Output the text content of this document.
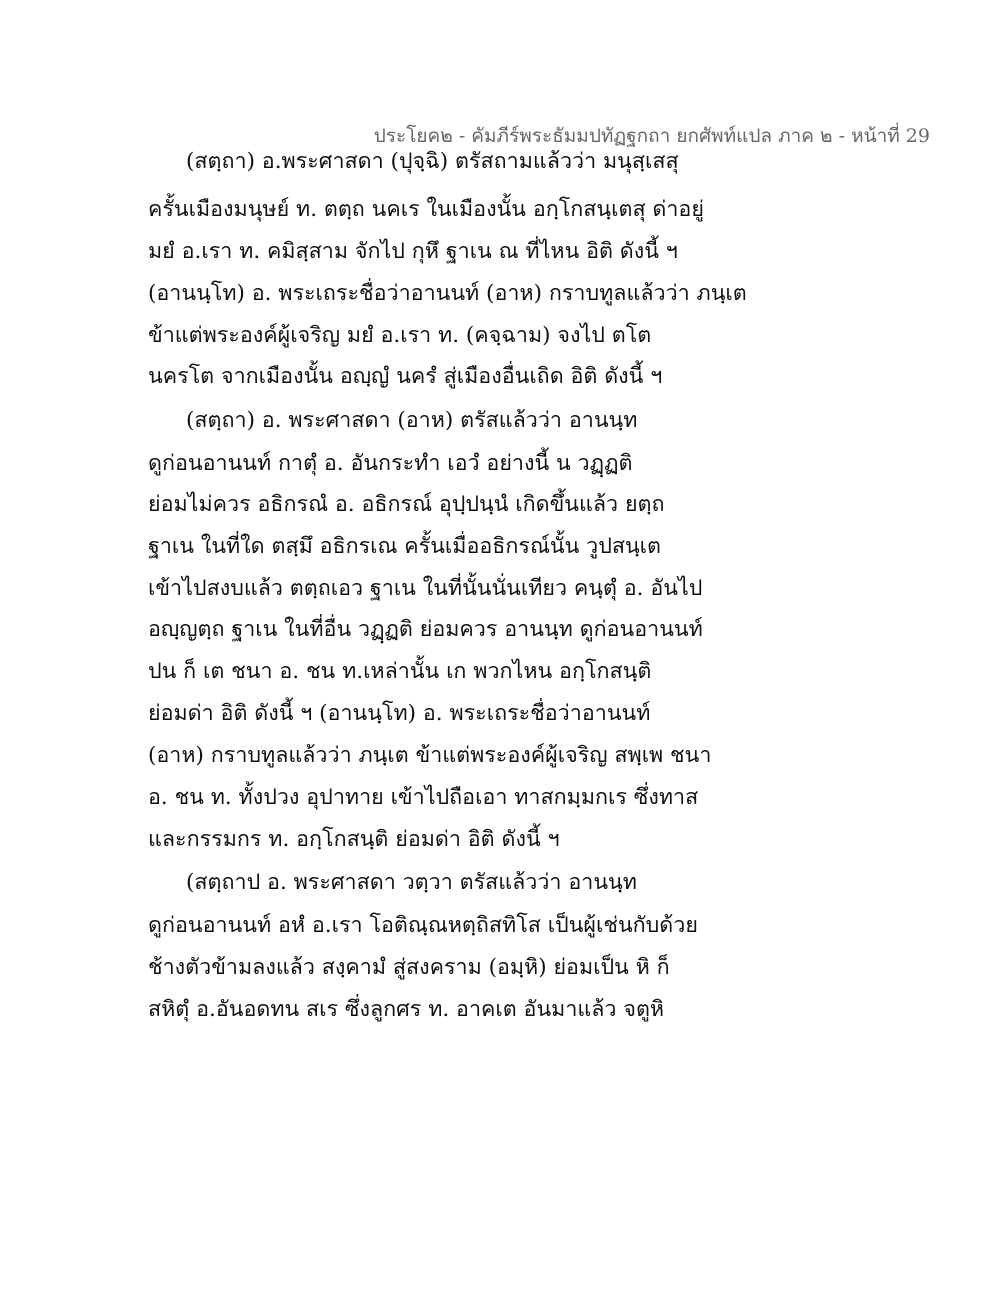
ประโยค๒ - คัมภีร์พระธัมมปทัฏฐกถา ยกศัพท์แปล ภาค ๒ - หน้าที่ 29
(สตฺถา) อ.พระศาสดา (ปุจฺฉิ) ตรัสถามแล้วว่า มนุสฺเสสุ
ครั้นเมืองมนุษย์ ท. ตตฺถ นคเร ในเมืองนั้น อกฺโกสนฺเตสุ ด่าอยู่
มยํ อ.เรา ท. คมิสฺสาม จักไป กุหึ ฐาเน ณ ที่ไหน อิติ ดังนี้ ฯ
(อานนฺโท) อ. พระเถระชื่อว่าอานนท์ (อาห) กราบทูลแล้วว่า ภนฺเต
ข้าแต่พระองค์ผู้เจริญ มยํ อ.เรา ท. (คจฺฉาม) จงไป ตโต
นครโต จากเมืองนั้น อญฺญํ นครํ สู่เมืองอื่นเถิด อิติ ดังนี้ ฯ
(สตฺถา) อ. พระศาสดา (อาห) ตรัสแล้วว่า อานนฺท
ดูก่อนอานนท์ กาตุํ อ. อันกระทำ เอวํ อย่างนี้ น วฏฺฏติ
ย่อมไม่ควร อธิกรณํ อ. อธิกรณ์ อุปฺปนฺนํ เกิดขึ้นแล้ว ยตฺถ
ฐาเน ในที่ใด ตสฺมึ อธิกรเณ ครั้นเมื่ออธิกรณ์นั้น วูปสนฺเต
เข้าไปสงบแล้ว ตตฺถเอว ฐาเน ในที่นั้นนั่นเทียว คนฺตุํ อ. อันไป
อญฺญตฺถ ฐาเน ในที่อื่น วฏฺฏติ ย่อมควร อานนฺท ดูก่อนอานนท์
ปน ก็ เต ชนา อ. ชน ท.เหล่านั้น เก พวกไหน อกฺโกสนฺติ
ย่อมด่า อิติ ดังนี้ ฯ (อานนฺโท) อ. พระเถระชื่อว่าอานนท์
(อาห) กราบทูลแล้วว่า ภนฺเต ข้าแต่พระองค์ผู้เจริญ สพฺเพ ชนา
อ. ชน ท. ทั้งปวง อุปาทาย เข้าไปถือเอา ทาสกมฺมกเร ซึ่งทาส
และกรรมกร ท. อกฺโกสนฺติ ย่อมด่า อิติ ดังนี้ ฯ
(สตฺถาป อ. พระศาสดา วตฺวา ตรัสแล้วว่า อานนฺท
ดูก่อนอานนท์ อหํ อ.เรา โอติณฺณหตฺถิสทิโส เป็นผู้เช่นกับด้วย
ช้างตัวข้ามลงแล้ว สงฺคามํ สู่สงคราม (อมฺหิ) ย่อมเป็น หิ ก็
สหิตุํ อ.อันอดทน สเร ซึ่งลูกศร ท. อาคเต อันมาแล้ว จตูหิ
